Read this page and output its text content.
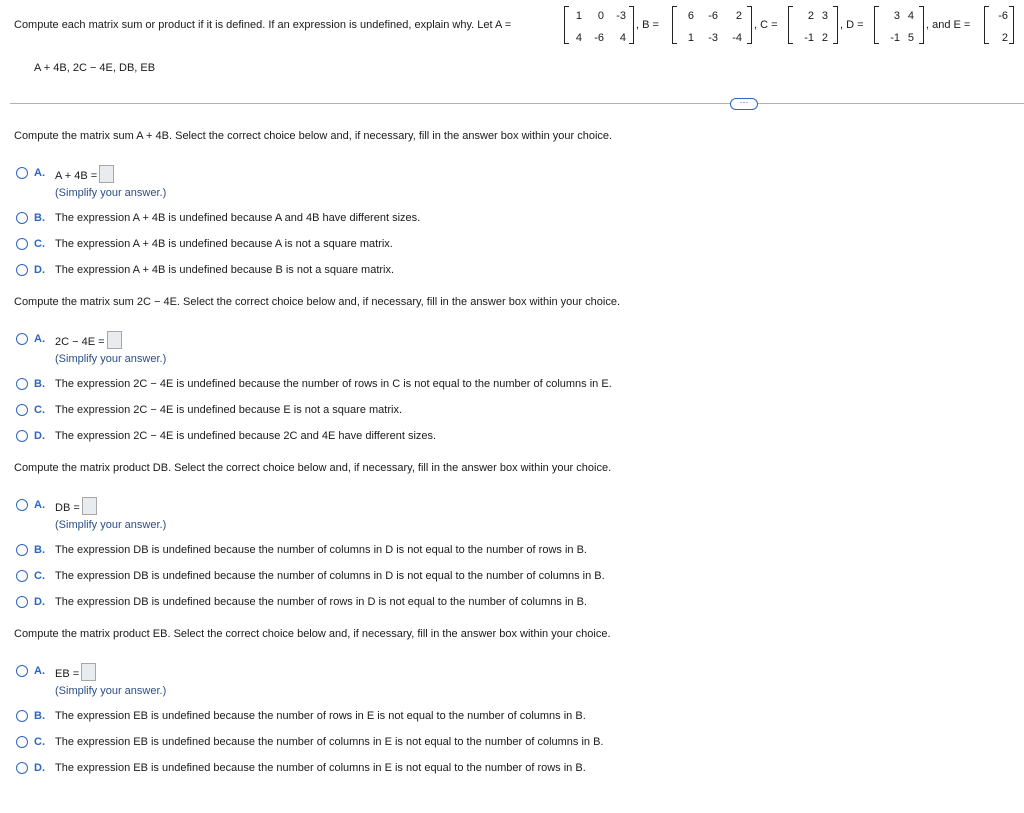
Compute each matrix sum or product if it is defined. If an expression is undefined, explain why. Let A =
1	0	-3
4	-6	4
, B =
6	-6	2
1	-3	-4
, C =
2 3
-1 2
, D =
3 4
-1 5
, and E =
-6
2
A + 4B, 2C − 4E, DB, EB
⋯
Compute the matrix sum A + 4B. Select the correct choice below and, if necessary, fill in the answer box within your choice.
A. A + 4B =
(Simplify your answer.)
B. The expression A + 4B is undefined because A and 4B have different sizes.
C. The expression A + 4B is undefined because A is not a square matrix.
D. The expression A + 4B is undefined because B is not a square matrix.
Compute the matrix sum 2C − 4E. Select the correct choice below and, if necessary, fill in the answer box within your choice.
A. 2C − 4E =
(Simplify your answer.)
B. The expression 2C − 4E is undefined because the number of rows in C is not equal to the number of columns in E.
C. The expression 2C − 4E is undefined because E is not a square matrix.
D. The expression 2C − 4E is undefined because 2C and 4E have different sizes.
Compute the matrix product DB. Select the correct choice below and, if necessary, fill in the answer box within your choice.
A. DB =
(Simplify your answer.)
B. The expression DB is undefined because the number of columns in D is not equal to the number of rows in B.
C. The expression DB is undefined because the number of columns in D is not equal to the number of columns in B.
D. The expression DB is undefined because the number of rows in D is not equal to the number of columns in B.
Compute the matrix product EB. Select the correct choice below and, if necessary, fill in the answer box within your choice.
A. EB =
(Simplify your answer.)
B. The expression EB is undefined because the number of rows in E is not equal to the number of columns in B.
C. The expression EB is undefined because the number of columns in E is not equal to the number of columns in B.
D. The expression EB is undefined because the number of columns in E is not equal to the number of rows in B.
